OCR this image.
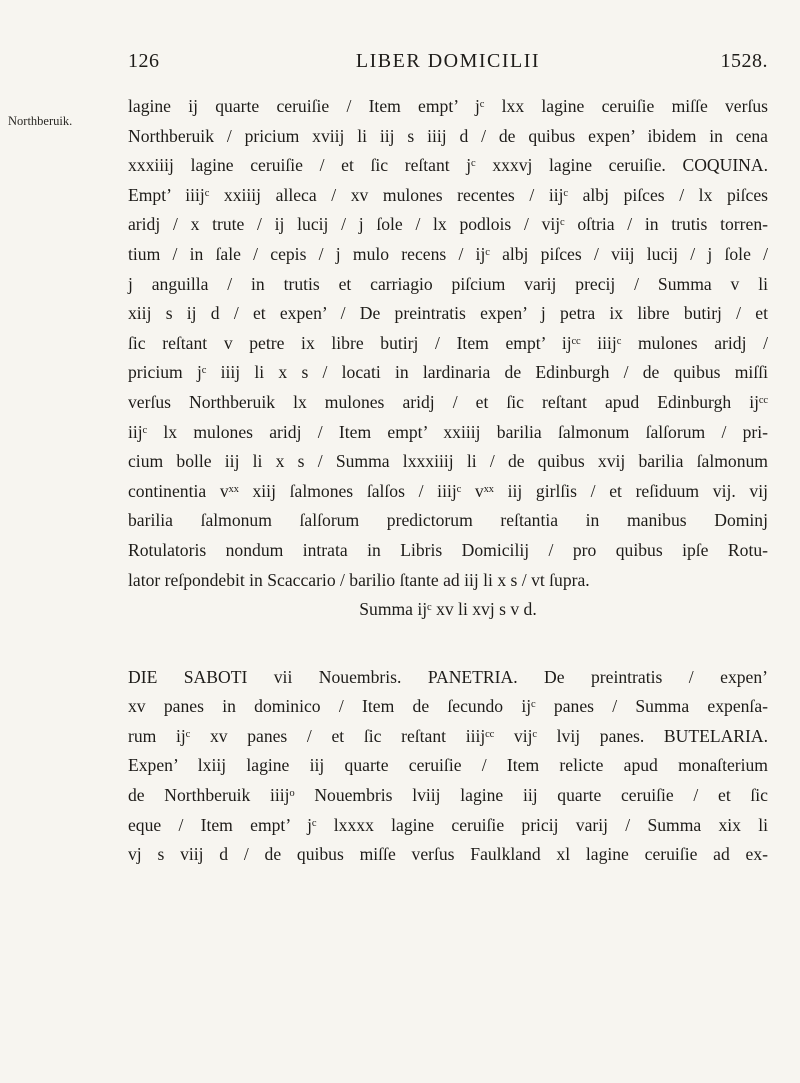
126	LIBER DOMICILII	1528.
Northberuik.
lagine ij quarte ceruiſie / Item empt’ jᶜ lxx lagine ceruiſie miſſe verſus
Northberuik / pricium xviij li iij s iiij d / de quibus expen’ ibidem in cena
xxxiiij lagine ceruiſie / et ſic reſtant jᶜ xxxvj lagine ceruiſie. COQUINA.
Empt’ iiijᶜ xxiiij alleca / xv mulones recentes / iijᶜ albj piſces / lx piſces
aridj / x trute / ij lucij / j ſole / lx podlois / vijᶜ oſtria / in trutis torren-
tium / in ſale / cepis / j mulo recens / ijᶜ albj piſces / viij lucij / j ſole /
j anguilla / in trutis et carriagio piſcium varij precij / Summa v li
xiij s ij d / et expen’ / De preintratis expen’ j petra ix libre butirj / et
ſic reſtant v petre ix libre butirj / Item empt’ ijᶜᶜ iiijᶜ mulones aridj /
pricium jᶜ iiij li x s / locati in lardinaria de Edinburgh / de quibus miſſi
verſus Northberuik lx mulones aridj / et ſic reſtant apud Edinburgh ijᶜᶜ
iijᶜ lx mulones aridj / Item empt’ xxiiij barilia ſalmonum ſalſorum / pri-
cium bolle iij li x s / Summa lxxxiiij li / de quibus xvij barilia ſalmonum
continentia vˣˣ xiij ſalmones ſalſos / iiijᶜ vˣˣ iij girlſis / et reſiduum vij. vij
barilia ſalmonum ſalſorum predictorum reſtantia in manibus Dominj
Rotulatoris nondum intrata in Libris Domicilij / pro quibus ipſe Rotu-
lator reſpondebit in Scaccario / barilio ſtante ad iij li x s / vt ſupra.
Summa ijᶜ xv li xvj s v d.
DIE SABOTI vii Nouembris. PANETRIA. De preintratis / expen’
xv panes in dominico / Item de ſecundo ijᶜ panes / Summa expenſa-
rum ijᶜ xv panes / et ſic reſtant iiijᶜᶜ vijᶜ lvij panes. BUTELARIA.
Expen’ lxiij lagine iij quarte ceruiſie / Item relicte apud monaſterium
de Northberuik iiijᵒ Nouembris lviij lagine iij quarte ceruiſie / et ſic
eque / Item empt’ jᶜ lxxxx lagine ceruiſie pricij varij / Summa xix li
vj s viij d / de quibus miſſe verſus Faulkland xl lagine ceruiſie ad ex-
